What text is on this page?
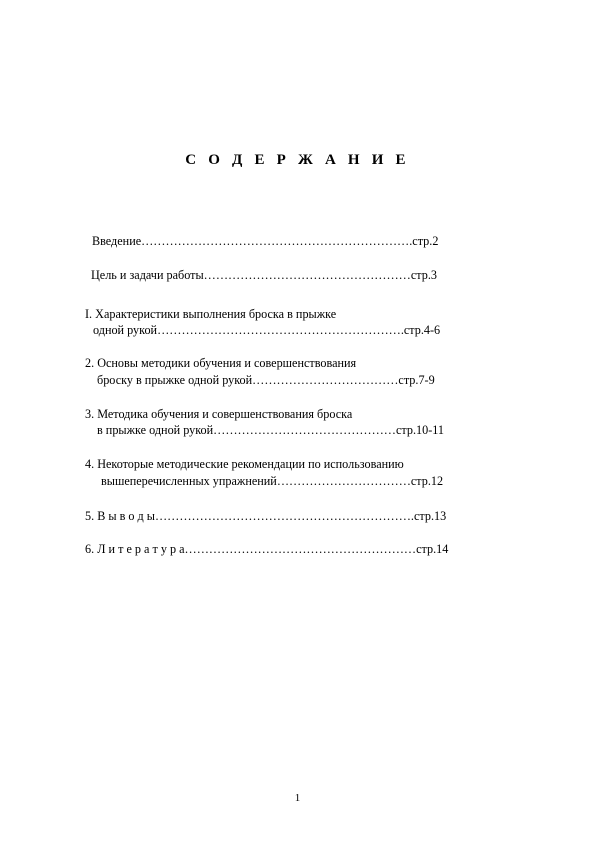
С О Д Е Р Ж А Н И Е
Введение………………………………………………………….стр.2
Цель и задачи работы……………………………………………стр.3
I. Характеристики выполнения броска в прыжке
одной рукой…………………………………………………….стр.4-6
2. Основы методики обучения и совершенствования
броску в прыжке одной рукой………………………………стр.7-9
3. Методика обучения и совершенствования броска
в прыжке одной рукой………………………………………стр.10-11
4. Некоторые методические рекомендации по использованию
вышеперечисленных упражнений……………………………стр.12
5. В ы в о д ы……………………………………………………….стр.13
6. Л и т е р а т у р а…………………………………………………стр.14
1
